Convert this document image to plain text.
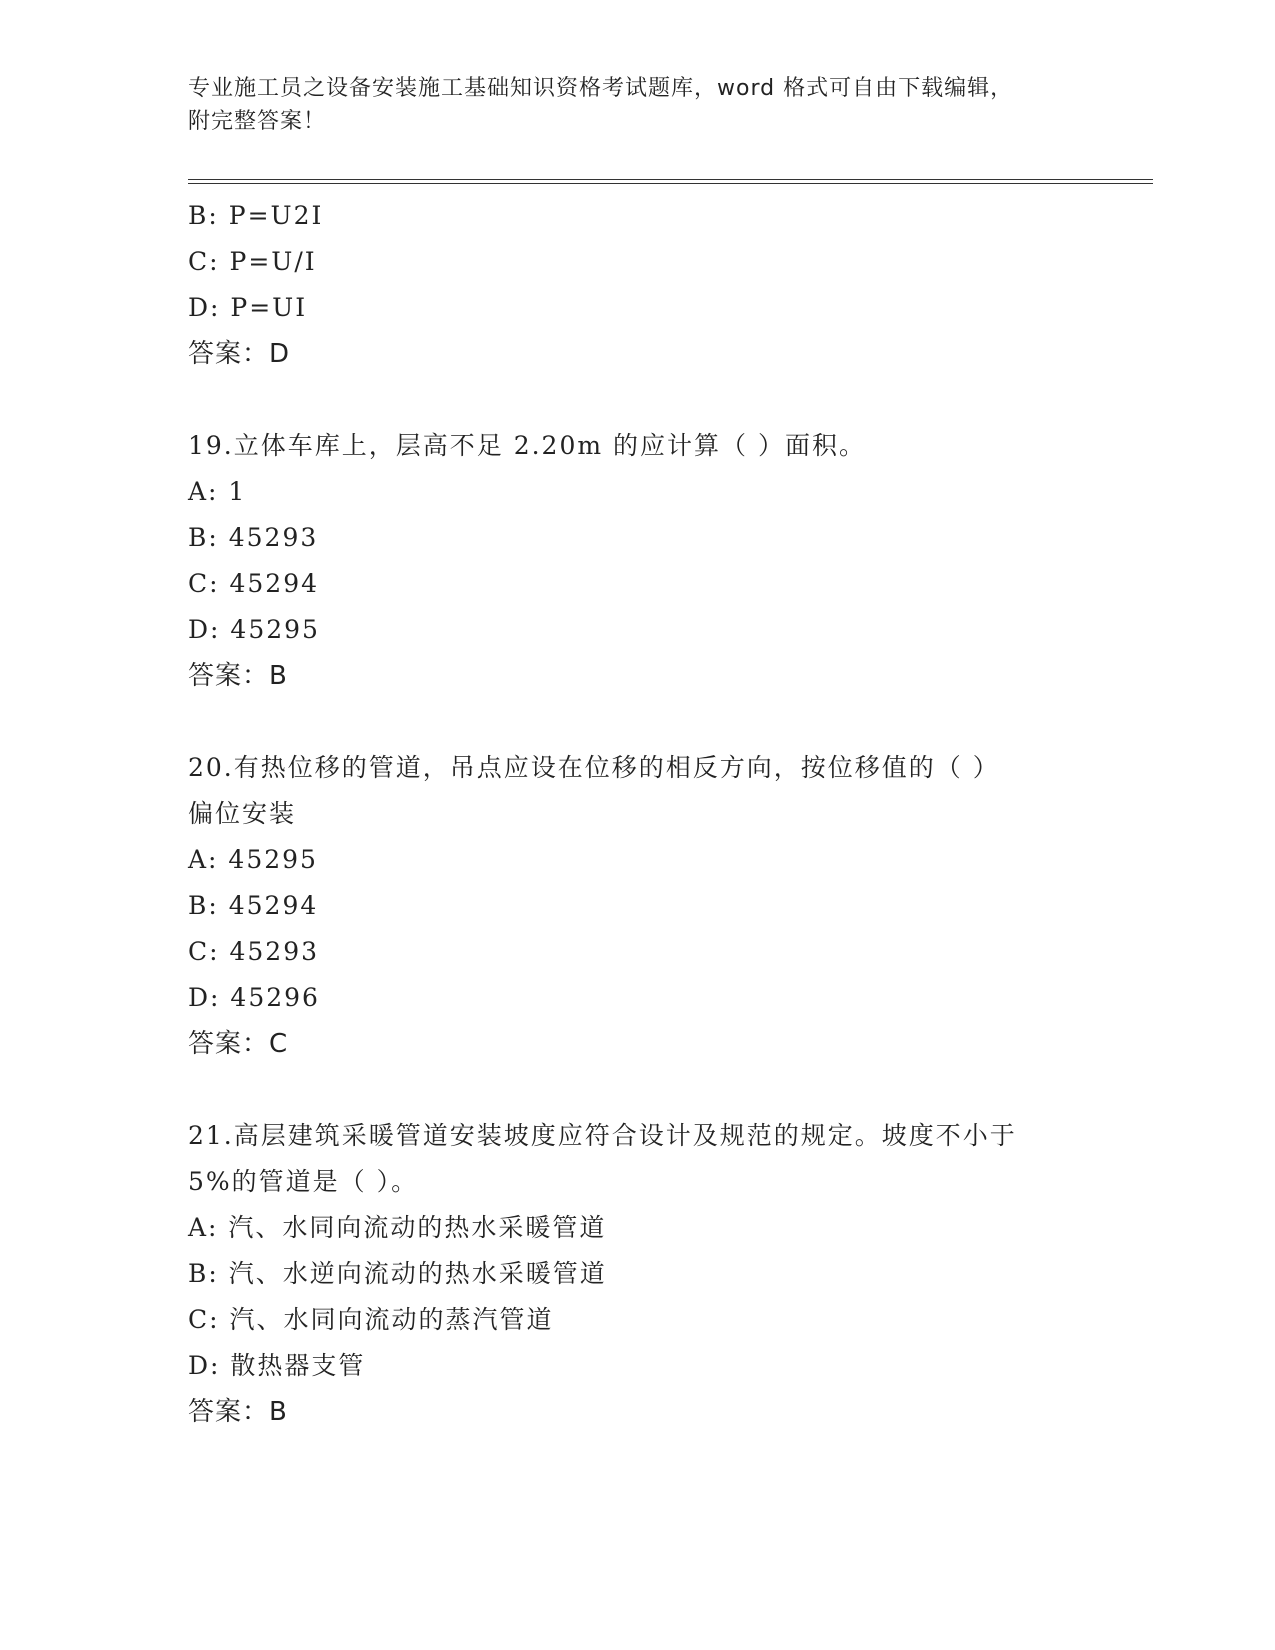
专业施工员之设备安装施工基础知识资格考试题库，word 格式可自由下载编辑，
附完整答案！
B: P=U2I
C: P=U/I
D: P=UI
答案：D
19.立体车库上，层高不足 2.20m 的应计算（ ）面积。
A: 1
B: 45293
C: 45294
D: 45295
答案：B
20.有热位移的管道，吊点应设在位移的相反方向，按位移值的（ ）
偏位安装
A: 45295
B: 45294
C: 45293
D: 45296
答案：C
21.高层建筑采暖管道安装坡度应符合设计及规范的规定。坡度不小于
5%的管道是（ ）。
A: 汽、水同向流动的热水采暖管道
B: 汽、水逆向流动的热水采暖管道
C: 汽、水同向流动的蒸汽管道
D: 散热器支管
答案：B
